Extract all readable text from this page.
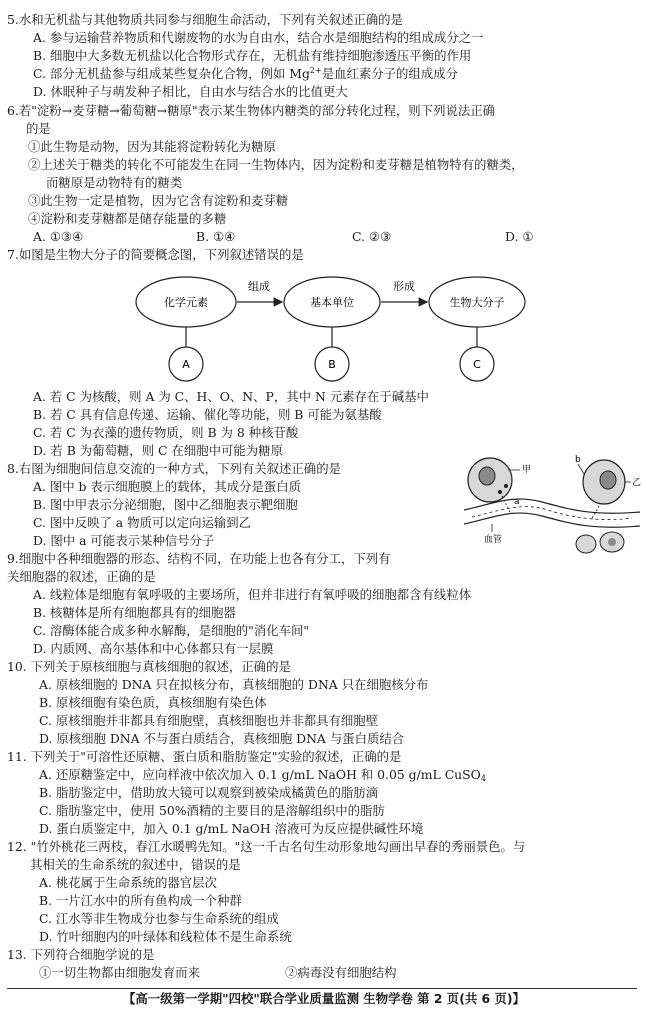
5.水和无机盐与其他物质共同参与细胞生命活动，下列有关叙述正确的是
A. 参与运输营养物质和代谢废物的水为自由水，结合水是细胞结构的组成成分之一
B. 细胞中大多数无机盐以化合物形式存在，无机盐有维持细胞渗透压平衡的作用
C. 部分无机盐参与组成某些复杂化合物，例如 $Mg^{2+}$是血红素分子的组成成分
D. 休眠种子与萌发种子相比，自由水与结合水的比值更大
6.若"淀粉→麦芽糖→葡萄糖→糖原"表示某生物体内糖类的部分转化过程，则下列说法正确
的是
①此生物是动物，因为其能将淀粉转化为糖原
②上述关于糖类的转化不可能发生在同一生物体内，因为淀粉和麦芽糖是植物特有的糖类，
而糖原是动物特有的糖类
③此生物一定是植物，因为它含有淀粉和麦芽糖
④淀粉和麦芽糖都是储存能量的多糖
A. ①③④	B. ①④	C. ②③	D. ①
7.如图是生物大分子的简要概念图，下列叙述错误的是
化学元素	基本单位	生物大分子
组成	形成
A	B	C
A. 若 C 为核酸，则 A 为 C、H、O、N、P，其中 N 元素存在于碱基中
B. 若 C 具有信息传递、运输、催化等功能，则 B 可能为氨基酸
C. 若 C 为衣藻的遗传物质，则 B 为 8 种核苷酸
D. 若 B 为葡萄糖，则 C 在细胞中可能为糖原
8.右图为细胞间信息交流的一种方式，下列有关叙述正确的是
A. 图中 b 表示细胞膜上的载体，其成分是蛋白质
B. 图中甲表示分泌细胞，图中乙细胞表示靶细胞
C. 图中反映了 a 物质可以定向运输到乙
D. 图中 a 可能表示某种信号分子
甲
乙
b
a
血管
9.细胞中各种细胞器的形态、结构不同，在功能上也各有分工，下列有
关细胞器的叙述，正确的是
A. 线粒体是细胞有氧呼吸的主要场所，但并非进行有氧呼吸的细胞都含有线粒体
B. 核糖体是所有细胞都具有的细胞器
C. 溶酶体能合成多种水解酶，是细胞的"消化车间"
D. 内质网、高尔基体和中心体都只有一层膜
10. 下列关于原核细胞与真核细胞的叙述，正确的是
A. 原核细胞的 DNA 只在拟核分布，真核细胞的 DNA 只在细胞核分布
B. 原核细胞有染色质，真核细胞有染色体
C. 原核细胞并非都具有细胞壁，真核细胞也并非都具有细胞壁
D. 原核细胞 DNA 不与蛋白质结合，真核细胞 DNA 与蛋白质结合
11. 下列关于"可溶性还原糖、蛋白质和脂肪鉴定"实验的叙述，正确的是
A. 还原糖鉴定中，应向样液中依次加入 0.1 g/mL NaOH 和 0.05 g/mL CuSO$_4$
B. 脂肪鉴定中，借助放大镜可以观察到被染成橘黄色的脂肪滴
C. 脂肪鉴定中，使用 50%酒精的主要目的是溶解组织中的脂肪
D. 蛋白质鉴定中，加入 0.1 g/mL NaOH 溶液可为反应提供碱性环境
12. "竹外桃花三两枝，春江水暖鸭先知。"这一千古名句生动形象地勾画出早春的秀丽景色。与
其相关的生命系统的叙述中，错误的是
A. 桃花属于生命系统的器官层次
B. 一片江水中的所有鱼构成一个种群
C. 江水等非生物成分也参与生命系统的组成
D. 竹叶细胞内的叶绿体和线粒体不是生命系统
13. 下列符合细胞学说的是
①一切生物都由细胞发育而来	②病毒没有细胞结构
【高一级第一学期"四校"联合学业质量监测 生物学卷 第 2 页(共 6 页)】
